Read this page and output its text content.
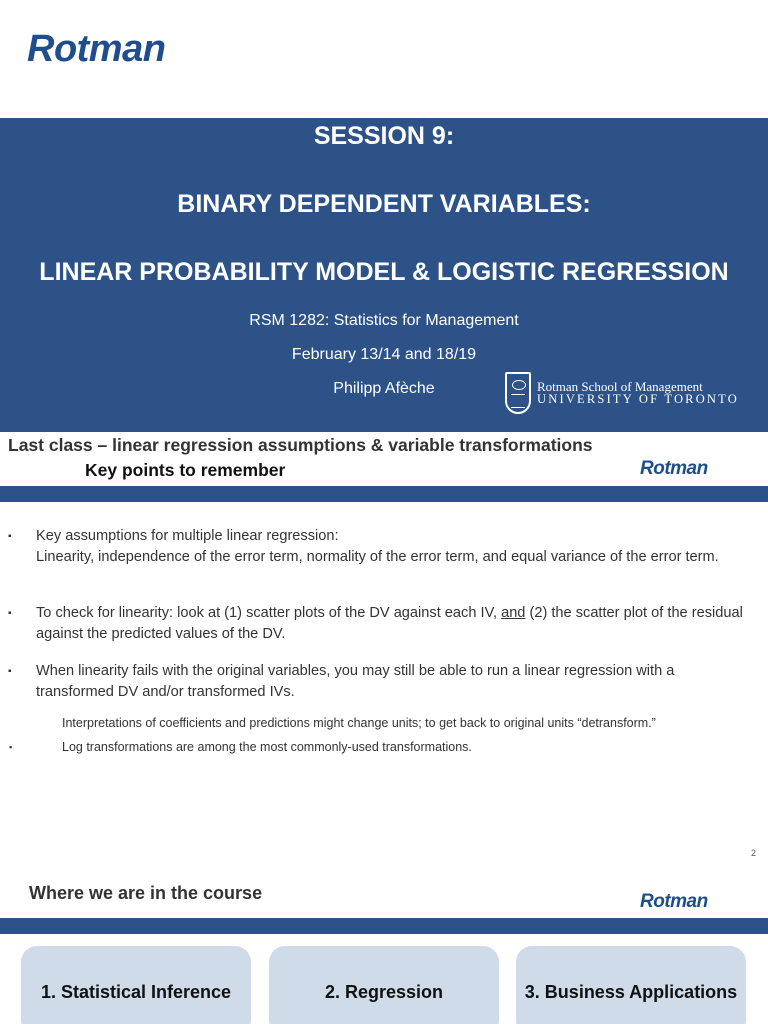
Rotman
SESSION 9:
BINARY DEPENDENT VARIABLES:
LINEAR PROBABILITY MODEL & LOGISTIC REGRESSION
RSM 1282: Statistics for Management
February 13/14 and 18/19
Philipp Afèche	Rotman School of Management
UNIVERSITY OF TORONTO
Last class – linear regression assumptions & variable transformations
Key points to remember	Rotman
▪ Key assumptions for multiple linear regression:
Linearity, independence of the error term, normality of the error term, and equal variance of the error term.
▪ To check for linearity: look at (1) scatter plots of the DV against each IV, and (2) the scatter plot of the residual against the predicted values of the DV.
▪ When linearity fails with the original variables, you may still be able to run a linear regression with a transformed DV and/or transformed IVs.
Interpretations of coefficients and predictions might change units; to get back to original units “detransform.”
▪	Log transformations are among the most commonly-used transformations.
2
Where we are in the course	Rotman
1. Statistical Inference	2. Regression	3. Business Applications
